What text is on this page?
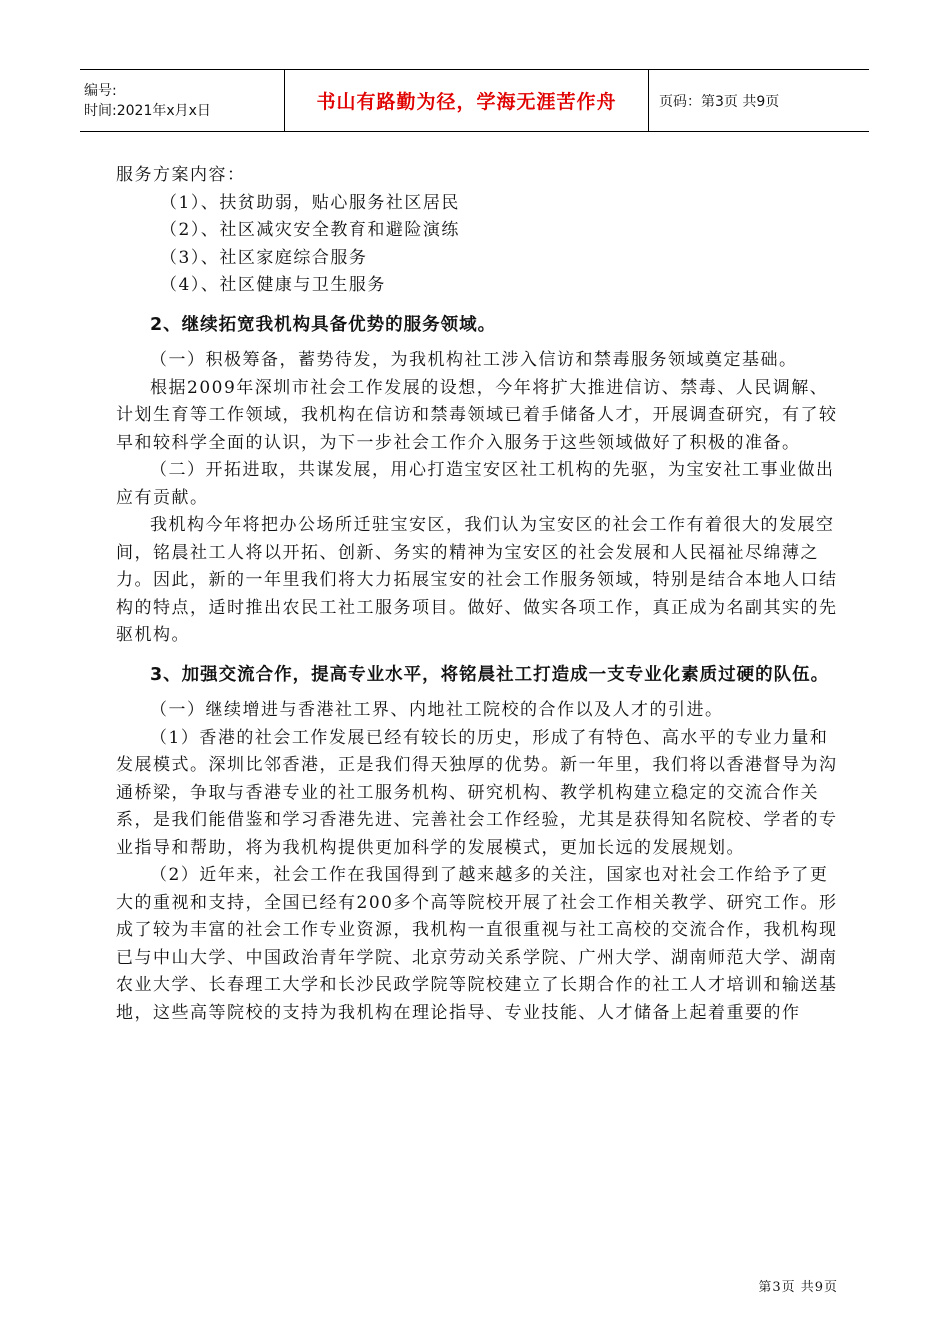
编号:
时间:2021年x月x日	书山有路勤为径，学海无涯苦作舟	页码：第3页 共9页

服务方案内容：

（1）、扶贫助弱，贴心服务社区居民

（2）、社区减灾安全教育和避险演练

（3）、社区家庭综合服务

（4）、社区健康与卫生服务

2、继续拓宽我机构具备优势的服务领域。

（一）积极筹备，蓄势待发，为我机构社工涉入信访和禁毒服务领域奠定基础。

根据2009年深圳市社会工作发展的设想，今年将扩大推进信访、禁毒、人民调解、计划生育等工作领域，我机构在信访和禁毒领域已着手储备人才，开展调查研究，有了较早和较科学全面的认识，为下一步社会工作介入服务于这些领域做好了积极的准备。

（二）开拓进取，共谋发展，用心打造宝安区社工机构的先驱，为宝安社工事业做出应有贡献。

我机构今年将把办公场所迁驻宝安区，我们认为宝安区的社会工作有着很大的发展空间，铭晨社工人将以开拓、创新、务实的精神为宝安区的社会发展和人民福祉尽绵薄之力。因此，新的一年里我们将大力拓展宝安的社会工作服务领域，特别是结合本地人口结构的特点，适时推出农民工社工服务项目。做好、做实各项工作，真正成为名副其实的先驱机构。

3、加强交流合作，提高专业水平，将铭晨社工打造成一支专业化素质过硬的队伍。

（一）继续增进与香港社工界、内地社工院校的合作以及人才的引进。

（1）香港的社会工作发展已经有较长的历史，形成了有特色、高水平的专业力量和发展模式。深圳比邻香港，正是我们得天独厚的优势。新一年里，我们将以香港督导为沟通桥梁，争取与香港专业的社工服务机构、研究机构、教学机构建立稳定的交流合作关系，是我们能借鉴和学习香港先进、完善社会工作经验，尤其是获得知名院校、学者的专业指导和帮助，将为我机构提供更加科学的发展模式，更加长远的发展规划。

（2）近年来，社会工作在我国得到了越来越多的关注，国家也对社会工作给予了更大的重视和支持，全国已经有200多个高等院校开展了社会工作相关教学、研究工作。形成了较为丰富的社会工作专业资源，我机构一直很重视与社工高校的交流合作，我机构现已与中山大学、中国政治青年学院、北京劳动关系学院、广州大学、湖南师范大学、湖南农业大学、长春理工大学和长沙民政学院等院校建立了长期合作的社工人才培训和输送基地，这些高等院校的支持为我机构在理论指导、专业技能、人才储备上起着重要的作

第3页 共9页
